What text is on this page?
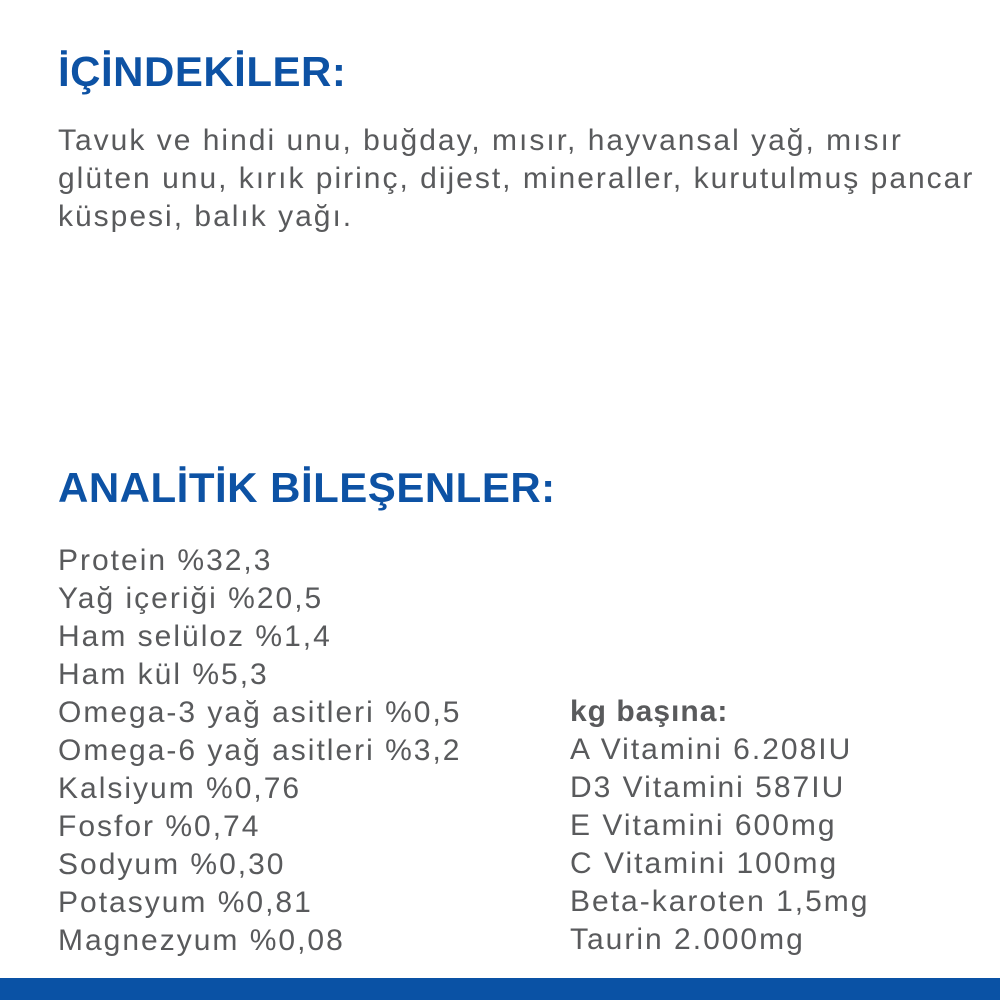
İÇİNDEKİLER:

Tavuk ve hindi unu, buğday, mısır, hayvansal yağ, mısır glüten unu, kırık pirinç, dijest, mineraller, kurutulmuş pancar küspesi, balık yağı.

ANALİTİK BİLEŞENLER:
Protein %32,3
Yağ içeriği %20,5
Ham selüloz %1,4
Ham kül %5,3
Omega-3 yağ asitleri %0,5
Omega-6 yağ asitleri %3,2
Kalsiyum %0,76
Fosfor %0,74
Sodyum %0,30
Potasyum %0,81
Magnezyum %0,08
kg başına:
A Vitamini 6.208IU
D3 Vitamini 587IU
E Vitamini 600mg
C Vitamini 100mg
Beta-karoten 1,5mg
Taurin 2.000mg
